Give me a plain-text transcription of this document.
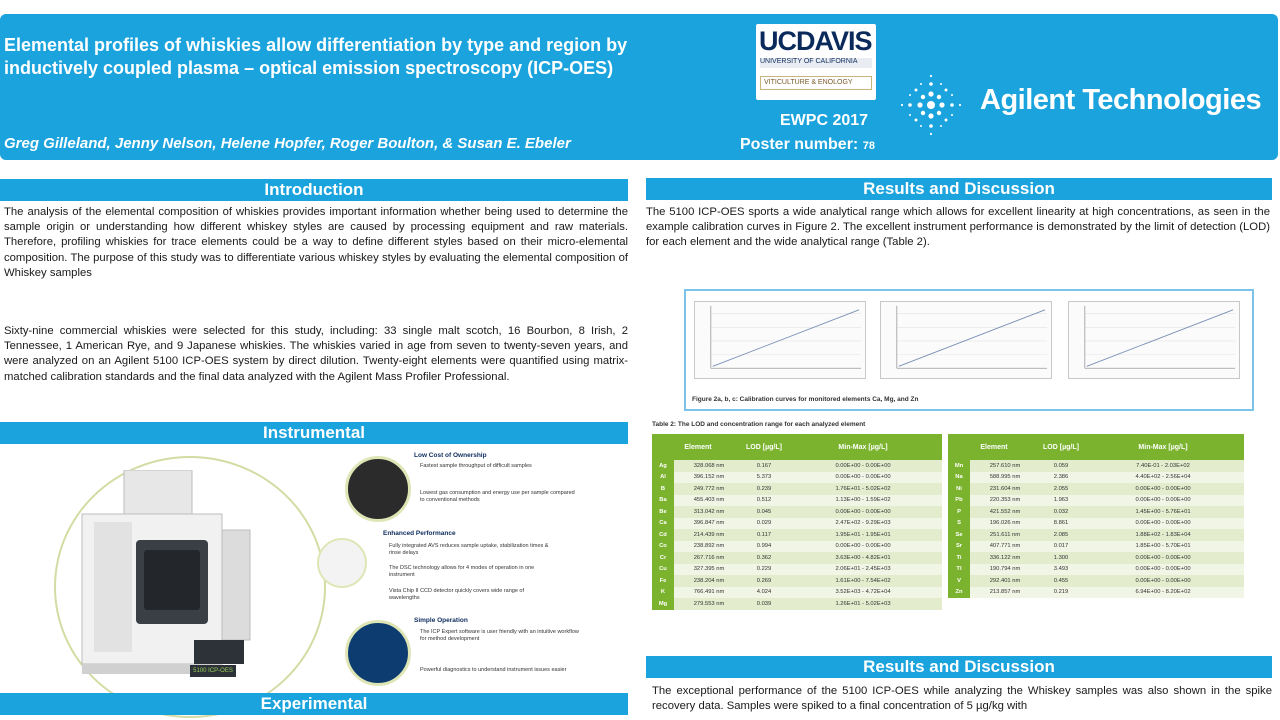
Elemental profiles of whiskies allow differentiation by type and region by inductively coupled plasma – optical emission spectroscopy (ICP-OES)
Greg Gilleland, Jenny Nelson, Helene Hopfer, Roger Boulton, & Susan E. Ebeler
UCDAVIS
UNIVERSITY OF CALIFORNIA
VITICULTURE & ENOLOGY
EWPC 2017
Poster number: 78
Agilent Technologies
Introduction
The analysis of the elemental composition of whiskies provides important information whether being used to determine the sample origin or understanding how different whiskey styles are caused by processing equipment and raw materials. Therefore, profiling whiskies for trace elements could be a way to define different styles based on their micro-elemental composition. The purpose of this study was to differentiate various whiskey styles by evaluating the elemental composition of Whiskey samples
Sixty-nine commercial whiskies were selected for this study, including: 33 single malt scotch, 16 Bourbon, 8 Irish, 2 Tennessee, 1 American Rye, and 9 Japanese whiskies. The whiskies varied in age from seven to twenty-seven years, and were analyzed on an Agilent 5100 ICP-OES system by direct dilution. Twenty-eight elements were quantified using matrix-matched calibration standards and the final data analyzed with the Agilent Mass Profiler Professional.
Instrumental
5100 ICP-OES
Low Cost of Ownership
Fastest sample throughput of difficult samples
Lowest gas consumption and energy use per sample compared to conventional methods
Enhanced Performance
Fully integrated AVS reduces sample uptake, stabilization times & rinse delays
The DSC technology allows for 4 modes of operation in one instrument
Vista Chip II CCD detector quickly covers wide range of wavelengths
Simple Operation
The ICP Expert software is user friendly with an intuitive workflow for method development
Powerful diagnostics to understand instrument issues easier
Experimental
Results and Discussion
The 5100 ICP-OES sports a wide analytical range which allows for excellent linearity at high concentrations, as seen in the example calibration curves in Figure 2. The excellent instrument performance is demonstrated by the limit of detection (LOD) for each element and the wide analytical range (Table 2).
Figure 2a, b, c: Calibration curves for monitored elements Ca, Mg, and Zn
Table 2: The LOD and concentration range for each analyzed element
Element		LOD [µg/L]	Min-Max [µg/L]
Ag	328.068 nm	0.167	0.00E+00 - 0.00E+00
Al	396.152 nm	5.373	0.00E+00 - 0.00E+00
B	249.772 nm	0.239	1.76E+01 - 5.02E+02
Ba	455.403 nm	0.512	1.13E+00 - 1.59E+02
Be	313.042 nm	0.045	0.00E+00 - 0.00E+00
Ca	396.847 nm	0.029	2.47E+02 - 9.29E+03
Cd	214.439 nm	0.117	1.95E+01 - 1.95E+01
Co	238.892 nm	0.994	0.00E+00 - 0.00E+00
Cr	267.716 nm	0.362	3.63E+00 - 4.82E+01
Cu	327.395 nm	0.229	2.06E+01 - 2.45E+03
Fe	238.204 nm	0.269	1.61E+00 - 7.54E+02
K	766.491 nm	4.024	3.52E+03 - 4.72E+04
Mg	279.553 nm	0.039	1.26E+01 - 5.02E+03
Element		LOD [µg/L]	Min-Max [µg/L]
Mn	257.610 nm	0.059	7.40E-01 - 2.03E+02
Na	588.995 nm	2.386	4.40E+02 - 2.56E+04
Ni	231.604 nm	2.055	0.00E+00 - 0.00E+00
Pb	220.353 nm	1.963	0.00E+00 - 0.00E+00
P	421.552 nm	0.032	1.45E+00 - 5.76E+01
S	196.026 nm	8.861	0.00E+00 - 0.00E+00
Se	251.611 nm	2.085	1.88E+02 - 1.83E+04
Sr	407.771 nm	0.017	1.85E+00 - 5.70E+01
Ti	336.122 nm	1.300	0.00E+00 - 0.00E+00
Tl	190.794 nm	3.493	0.00E+00 - 0.00E+00
V	292.401 nm	0.455	0.00E+00 - 0.00E+00
Zn	213.857 nm	0.219	6.94E+00 - 8.20E+02
Results and Discussion
The exceptional performance of the 5100 ICP-OES while analyzing the Whiskey samples was also shown in the spike recovery data. Samples were spiked to a final concentration of 5 µg/kg with
